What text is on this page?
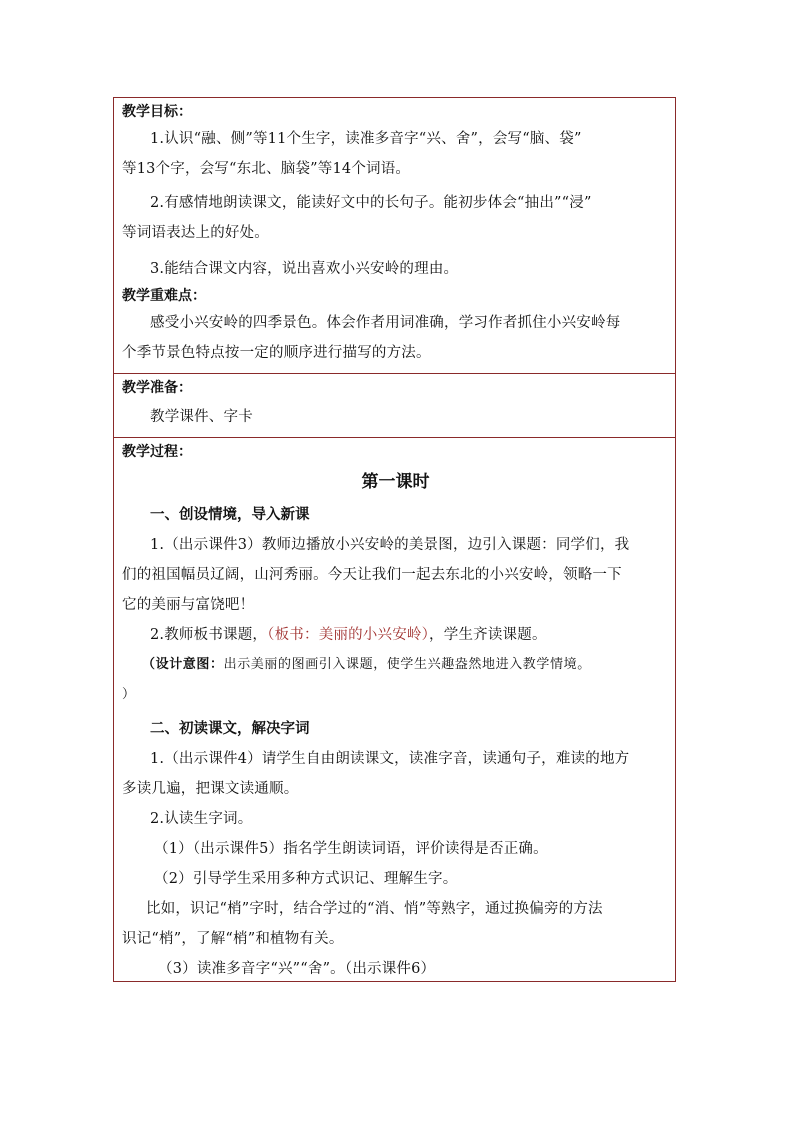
教学目标：

1.认识“融、侧”等11个生字，读准多音字“兴、舍”，会写“脑、袋”

等13个字，会写“东北、脑袋”等14个词语。

2.有感情地朗读课文，能读好文中的长句子。能初步体会“抽出”“浸”

等词语表达上的好处。

3.能结合课文内容，说出喜欢小兴安岭的理由。

教学重难点：

感受小兴安岭的四季景色。体会作者用词准确，学习作者抓住小兴安岭每

个季节景色特点按一定的顺序进行描写的方法。

教学准备：

教学课件、字卡

教学过程：

第一课时

一、创设情境，导入新课

1.（出示课件3）教师边播放小兴安岭的美景图，边引入课题：同学们，我

们的祖国幅员辽阔，山河秀丽。今天让我们一起去东北的小兴安岭，领略一下

它的美丽与富饶吧！

2.教师板书课题，（板书：美丽的小兴安岭），学生齐读课题。

（设计意图：出示美丽的图画引入课题，使学生兴趣盎然地进入教学情境。

）

二、初读课文，解决字词

1.（出示课件4）请学生自由朗读课文，读准字音，读通句子，难读的地方

多读几遍，把课文读通顺。

2.认读生字词。

（1）（出示课件5）指名学生朗读词语，评价读得是否正确。

（2）引导学生采用多种方式识记、理解生字。

比如，识记“梢”字时，结合学过的“消、悄”等熟字，通过换偏旁的方法

识记“梢”，了解“梢”和植物有关。

（3）读准多音字“兴”“舍”。（出示课件6）
